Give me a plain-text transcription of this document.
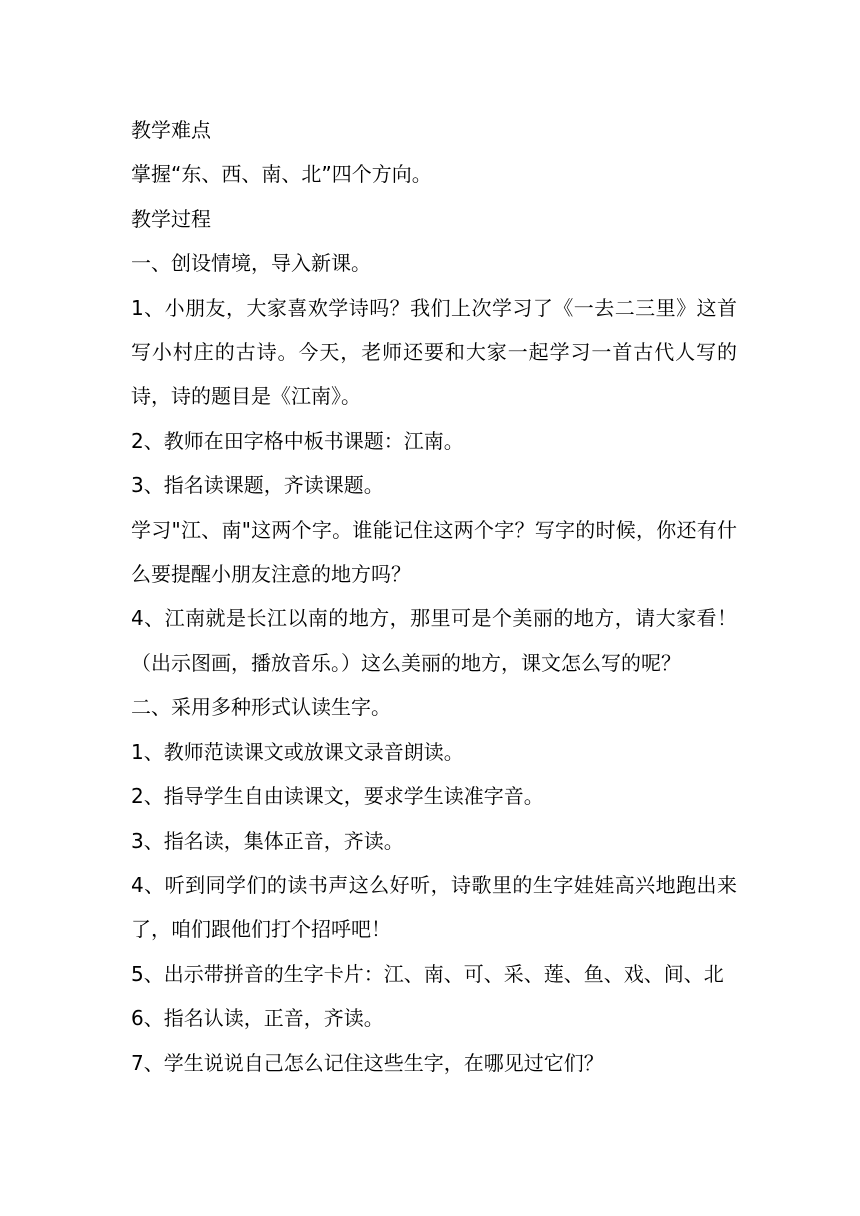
教学难点
掌握“东、西、南、北”四个方向。
教学过程
一、创设情境，导入新课。
1、小朋友，大家喜欢学诗吗？我们上次学习了《一去二三里》这首写小村庄的古诗。今天，老师还要和大家一起学习一首古代人写的诗，诗的题目是《江南》。
2、教师在田字格中板书课题：江南。
3、指名读课题，齐读课题。
学习"江、南"这两个字。谁能记住这两个字？写字的时候，你还有什么要提醒小朋友注意的地方吗？
4、江南就是长江以南的地方，那里可是个美丽的地方，请大家看！（出示图画，播放音乐。）这么美丽的地方，课文怎么写的呢？
二、采用多种形式认读生字。
1、教师范读课文或放课文录音朗读。
2、指导学生自由读课文，要求学生读准字音。
3、指名读，集体正音，齐读。
4、听到同学们的读书声这么好听，诗歌里的生字娃娃高兴地跑出来了，咱们跟他们打个招呼吧！
5、出示带拼音的生字卡片：江、南、可、采、莲、鱼、戏、间、北
6、指名认读，正音，齐读。
7、学生说说自己怎么记住这些生字，在哪见过它们？
